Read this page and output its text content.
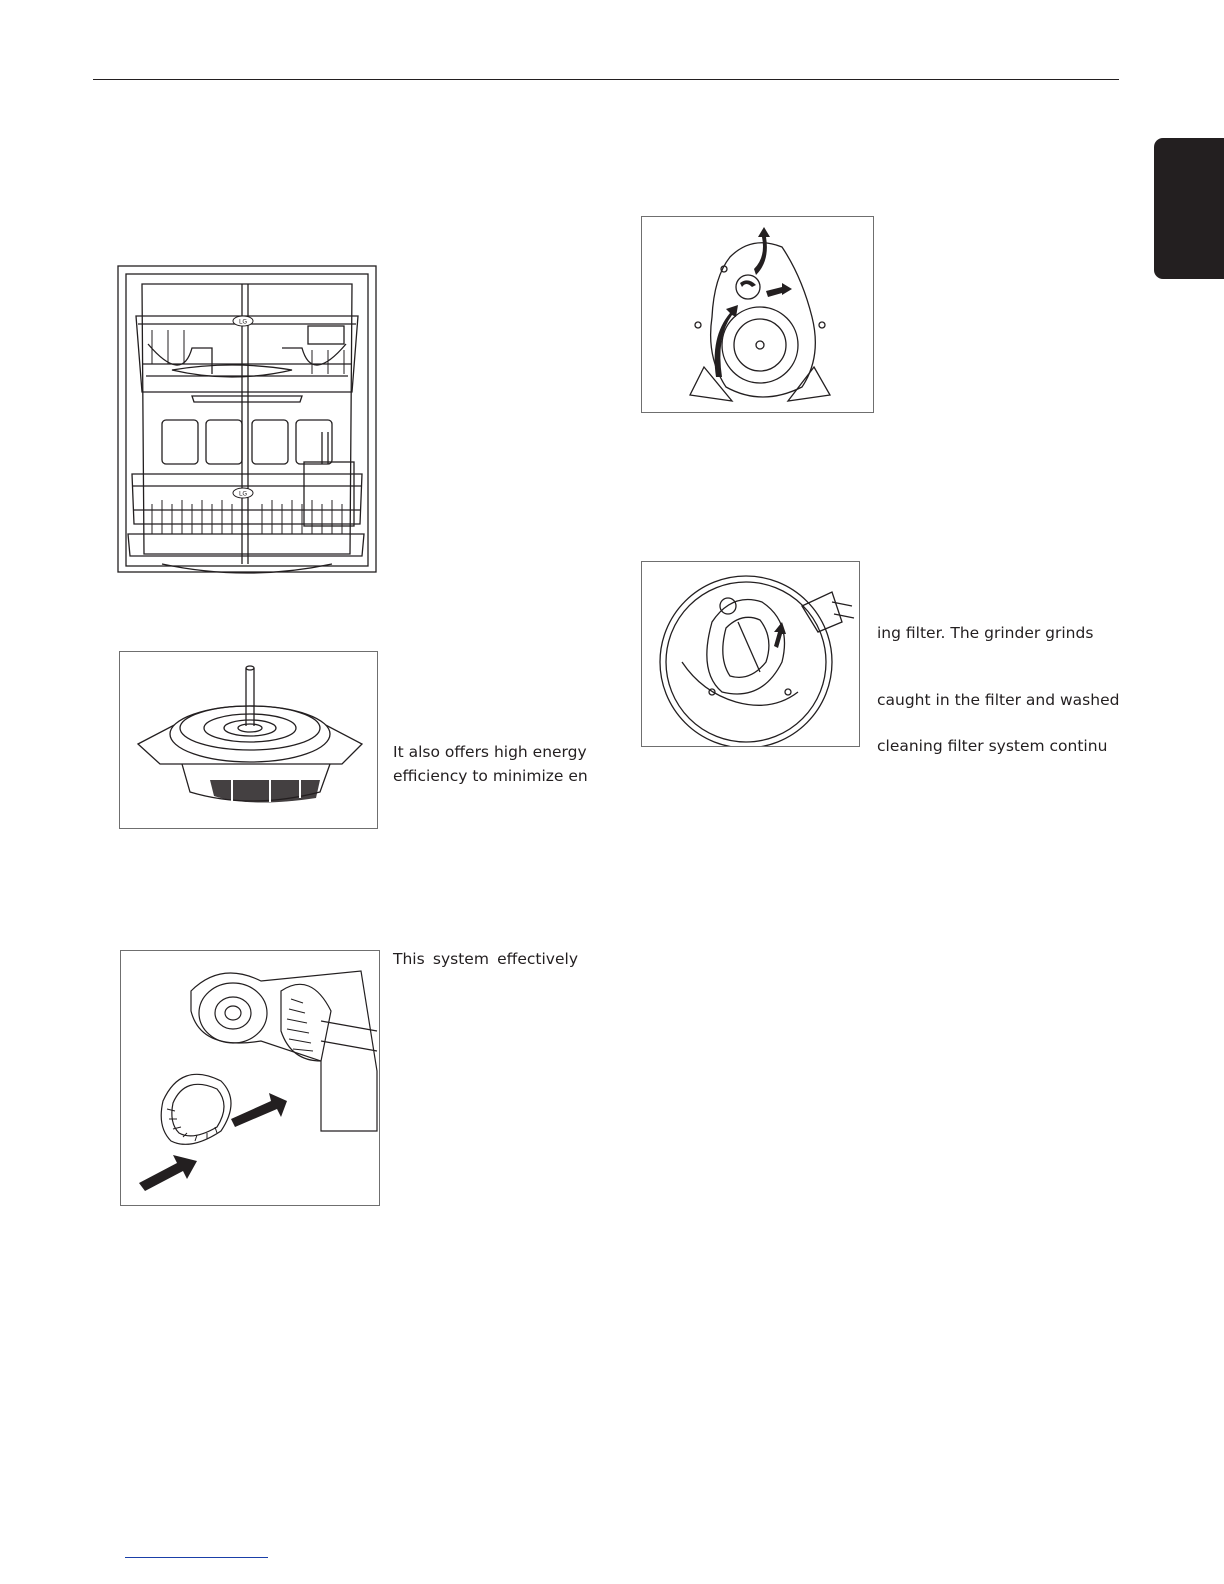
LG
LG
It also offers high energy
efficiency to minimize en
This system effectively
ing filter. The grinder grinds
caught in the filter and washed
cleaning filter system continu
